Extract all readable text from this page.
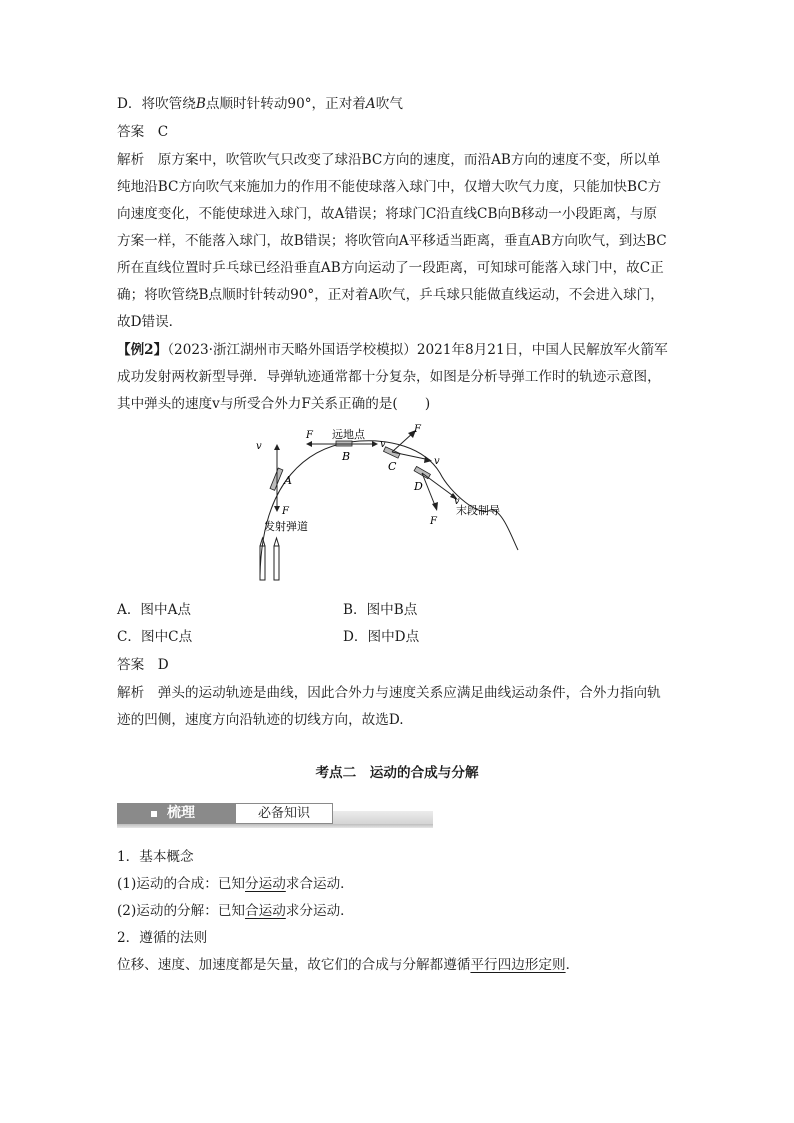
D．将吹管绕B点顺时针转动90°，正对着A吹气
答案　C
解析　原方案中，吹管吹气只改变了球沿BC方向的速度，而沿AB方向的速度不变，所以单
纯地沿BC方向吹气来施加力的作用不能使球落入球门中，仅增大吹气力度，只能加快BC方
向速度变化，不能使球进入球门，故A错误；将球门C沿直线CB向B移动一小段距离，与原
方案一样，不能落入球门，故B错误；将吹管向A平移适当距离，垂直AB方向吹气，到达BC
所在直线位置时乒乓球已经沿垂直AB方向运动了一段距离，可知球可能落入球门中，故C正
确；将吹管绕B点顺时针转动90°，正对着A吹气，乒乓球只能做直线运动，不会进入球门，
故D错误．
【例2】（2023·浙江湖州市天略外国语学校模拟）2021年8月21日，中国人民解放军火箭军
成功发射两枚新型导弹．导弹轨迹通常都十分复杂，如图是分析导弹工作时的轨迹示意图，
其中弹头的速度v与所受合外力F关系正确的是(　　)
v
F
A
F 远地点
B
v
F
C	v
D
F
v
末段制导
发射弹道
A．图中A点	B．图中B点
C．图中C点	D．图中D点
答案　D
解析　弹头的运动轨迹是曲线，因此合外力与速度关系应满足曲线运动条件，合外力指向轨
迹的凹侧，速度方向沿轨迹的切线方向，故选D.
考点二　运动的合成与分解
梳理	必备知识
1．基本概念
(1)运动的合成：已知分运动求合运动．
(2)运动的分解：已知合运动求分运动．
2．遵循的法则
位移、速度、加速度都是矢量，故它们的合成与分解都遵循平行四边形定则．
